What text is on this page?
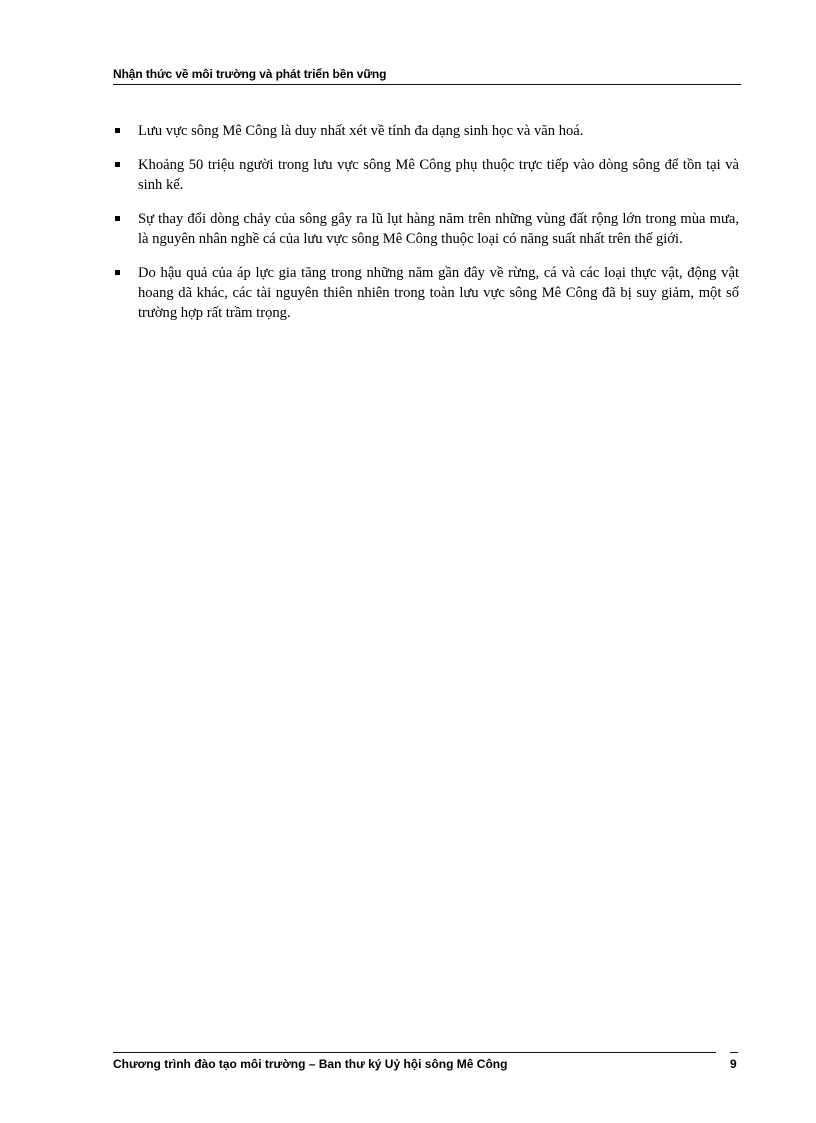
Nhận thức về môi trường và phát triển bền vững
Lưu vực sông Mê Công là duy nhất xét về tính đa dạng sinh học và văn hoá.
Khoảng 50 triệu người trong lưu vực sông Mê Công phụ thuộc trực tiếp vào dòng sông để tồn tại và sinh kế.
Sự thay đổi dòng chảy của sông gây ra lũ lụt hàng năm trên những vùng đất rộng lớn trong mùa mưa, là nguyên nhân nghề cá của lưu vực sông Mê Công thuộc loại có năng suất nhất trên thế giới.
Do hậu quả của áp lực gia tăng trong những năm gần đây về rừng, cá và các loại thực vật, động vật hoang dã khác, các tài nguyên thiên nhiên trong toàn lưu vực sông Mê Công đã bị suy giảm, một số trường hợp rất trầm trọng.
Chương trình đào tạo môi trường – Ban thư ký Uỷ hội sông Mê Công	9
